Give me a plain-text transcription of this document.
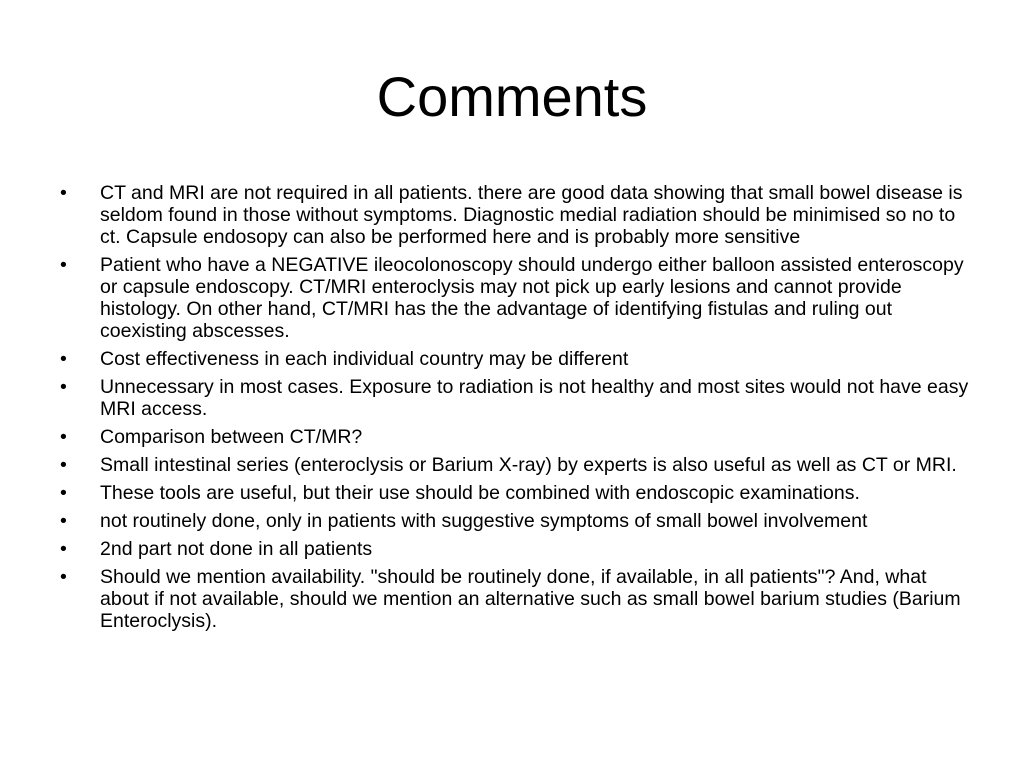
Comments
•	CT and MRI are not required in all patients. there are good data showing that small bowel disease is seldom found in those without symptoms. Diagnostic medial radiation should be minimised so no to ct. Capsule endosopy can also be performed here and is probably more sensitive
•	Patient who have a NEGATIVE ileocolonoscopy should undergo either balloon assisted enteroscopy or capsule endoscopy. CT/MRI enteroclysis may not pick up early lesions and cannot provide histology. On other hand, CT/MRI has the the advantage of identifying fistulas and ruling out coexisting abscesses.
•	Cost effectiveness in each individual country may be different
•	Unnecessary in most cases. Exposure to radiation is not healthy and most sites would not have easy MRI access.
•	Comparison between CT/MR?
•	Small intestinal series (enteroclysis or Barium X-ray) by experts is also useful as well as CT or MRI.
•	These tools are useful, but their use should be combined with endoscopic examinations.
•	not routinely done, only in patients with suggestive symptoms of small bowel involvement
•	2nd part not done in all patients
•	Should we mention availability. "should be routinely done, if available, in all patients"? And, what about if not available, should we mention an alternative such as small bowel barium studies (Barium Enteroclysis).
